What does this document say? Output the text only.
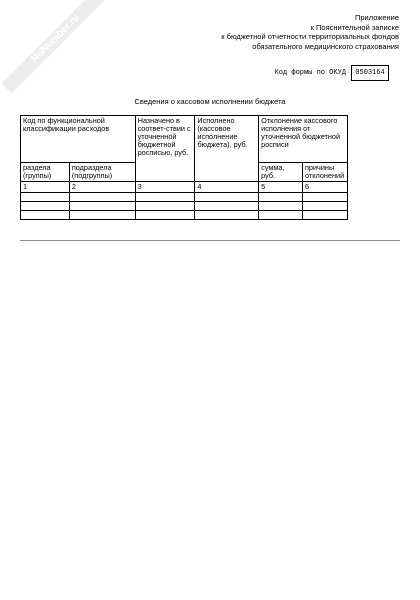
NoNumber.ru	Приложение
к Пояснительной записке
к бюджетной отчетности территориальных фондов
обязательного медицинского страхования
Код формы по ОКУД 0503164
Сведения о кассовом исполнении бюджета
Код по функциональной классификации расходов		Назначено в соответ-ствии с уточненной бюджетной росписью, руб.	Исполнено (кассовое исполнение бюджета), руб.	Отклонение кассового исполнения от уточненной бюджетной росписи	
раздела (группы)	подраздела (подгруппы)			сумма, руб.	причины отклонений
1	2	3	4	5	6
